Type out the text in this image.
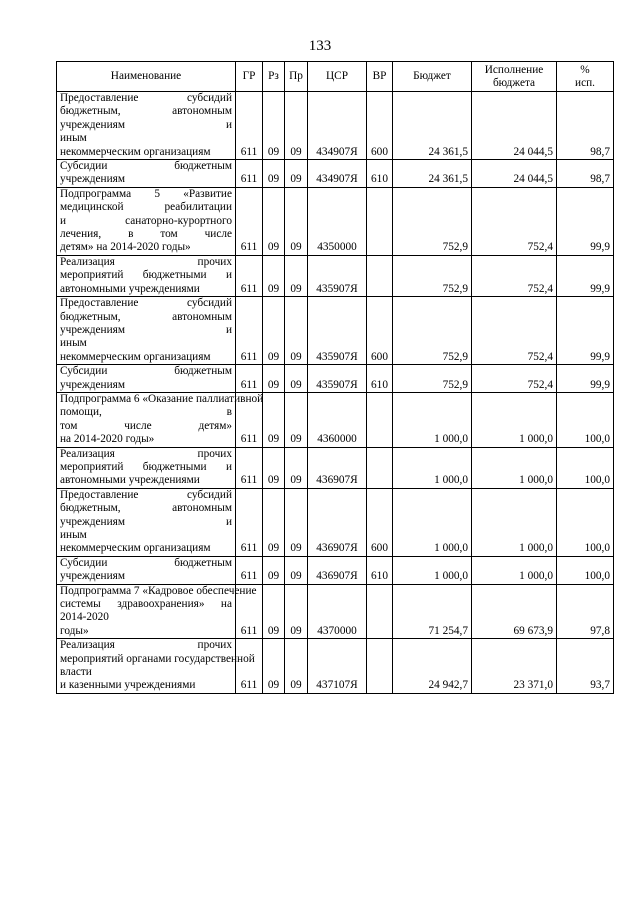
133
Наименование	ГР	Рз	Пр	ЦСР	ВР	Бюджет	Исполнение бюджета	% исп.

Предоставление субсидий
бюджетным, автономным
учреждениям и
иным
некоммерческим организациям	611	09	09	434907Я	600	24 361,5	24 044,5	98,7

Субсидии бюджетным
учреждениям	611	09	09	434907Я	610	24 361,5	24 044,5	98,7

Подпрограмма 5 «Развитие
медицинской реабилитации
и санаторно-курортного
лечения, в том числе
детям» на 2014-2020 годы»	611	09	09	4350000		752,9	752,4	99,9

Реализация прочих
мероприятий бюджетными и
автономными учреждениями	611	09	09	435907Я		752,9	752,4	99,9

Предоставление субсидий
бюджетным, автономным
учреждениям и
иным
некоммерческим организациям	611	09	09	435907Я	600	752,9	752,4	99,9

Субсидии бюджетным
учреждениям	611	09	09	435907Я	610	752,9	752,4	99,9

Подпрограмма 6 «Оказание паллиативной
помощи, в
том числе детям»
на 2014-2020 годы»	611	09	09	4360000		1 000,0	1 000,0	100,0

Реализация прочих
мероприятий бюджетными и
автономными учреждениями	611	09	09	436907Я		1 000,0	1 000,0	100,0

Предоставление субсидий
бюджетным, автономным
учреждениям и
иным
некоммерческим организациям	611	09	09	436907Я	600	1 000,0	1 000,0	100,0

Субсидии бюджетным
учреждениям	611	09	09	436907Я	610	1 000,0	1 000,0	100,0

Подпрограмма 7 «Кадровое обеспечение
системы здравоохранения» на
2014-2020
годы»	611	09	09	4370000		71 254,7	69 673,9	97,8

Реализация прочих
мероприятий органами государственной
власти
и казенными учреждениями	611	09	09	437107Я		24 942,7	23 371,0	93,7
